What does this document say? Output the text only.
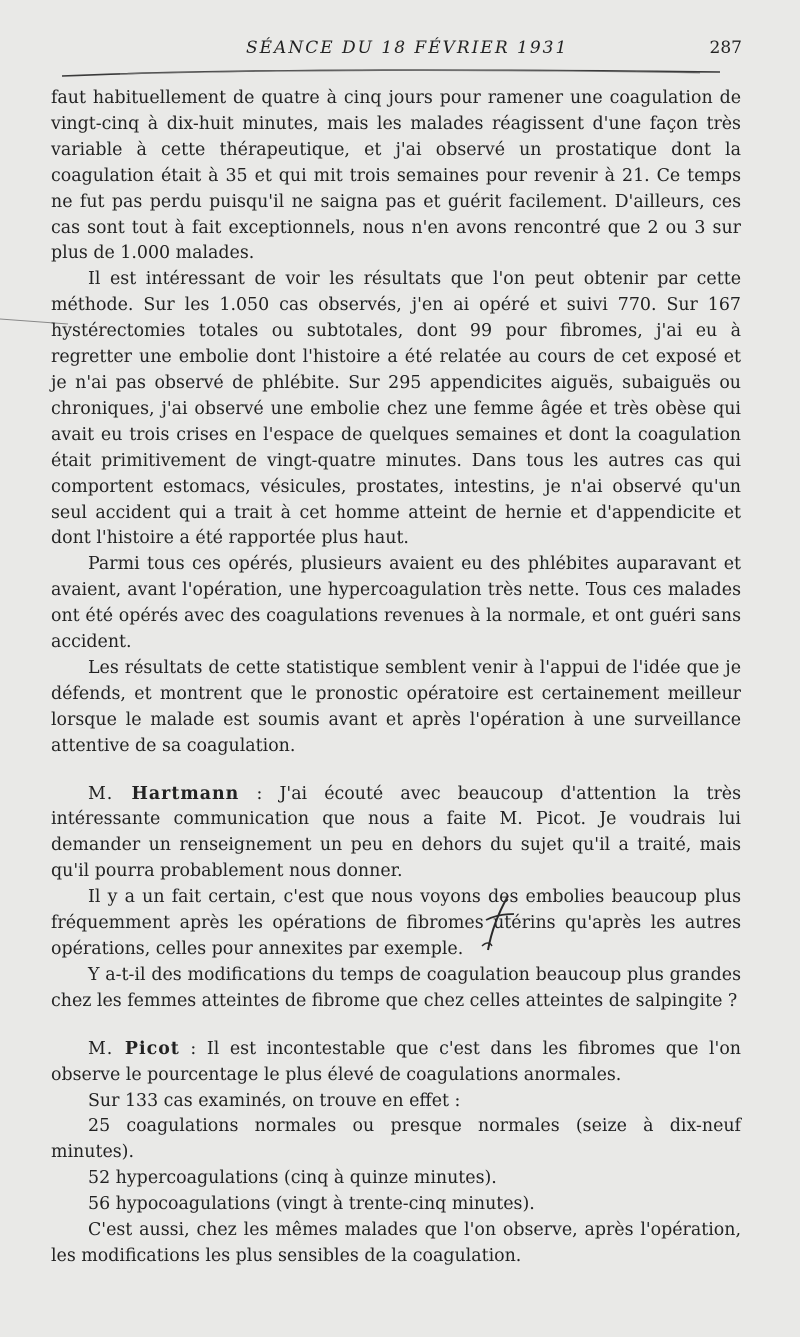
SÉANCE DU 18 FÉVRIER 1931	287

faut habituellement de quatre à cinq jours pour ramener une coagulation de vingt-cinq à dix-huit minutes, mais les malades réagissent d'une façon très variable à cette thérapeutique, et j'ai observé un prostatique dont la coagulation était à 35 et qui mit trois semaines pour revenir à 21. Ce temps ne fut pas perdu puisqu'il ne saigna pas et guérit facilement. D'ailleurs, ces cas sont tout à fait exceptionnels, nous n'en avons rencontré que 2 ou 3 sur plus de 1.000 malades.

Il est intéressant de voir les résultats que l'on peut obtenir par cette méthode. Sur les 1.050 cas observés, j'en ai opéré et suivi 770. Sur 167 hystérectomies totales ou subtotales, dont 99 pour fibromes, j'ai eu à regretter une embolie dont l'histoire a été relatée au cours de cet exposé et je n'ai pas observé de phlébite. Sur 295 appendicites aiguës, subaiguës ou chroniques, j'ai observé une embolie chez une femme âgée et très obèse qui avait eu trois crises en l'espace de quelques semaines et dont la coagulation était primitivement de vingt-quatre minutes. Dans tous les autres cas qui comportent estomacs, vésicules, prostates, intestins, je n'ai observé qu'un seul accident qui a trait à cet homme atteint de hernie et d'appendicite et dont l'histoire a été rapportée plus haut.

Parmi tous ces opérés, plusieurs avaient eu des phlébites auparavant et avaient, avant l'opération, une hypercoagulation très nette. Tous ces malades ont été opérés avec des coagulations revenues à la normale, et ont guéri sans accident.

Les résultats de cette statistique semblent venir à l'appui de l'idée que je défends, et montrent que le pronostic opératoire est certainement meilleur lorsque le malade est soumis avant et après l'opération à une surveillance attentive de sa coagulation.

M. Hartmann : J'ai écouté avec beaucoup d'attention la très intéressante communication que nous a faite M. Picot. Je voudrais lui demander un renseignement un peu en dehors du sujet qu'il a traité, mais qu'il pourra probablement nous donner.

Il y a un fait certain, c'est que nous voyons des embolies beaucoup plus fréquemment après les opérations de fibromes utérins qu'après les autres opérations, celles pour annexites par exemple.

Y a-t-il des modifications du temps de coagulation beaucoup plus grandes chez les femmes atteintes de fibrome que chez celles atteintes de salpingite ?

M. Picot : Il est incontestable que c'est dans les fibromes que l'on observe le pourcentage le plus élevé de coagulations anormales.

Sur 133 cas examinés, on trouve en effet :

25 coagulations normales ou presque normales (seize à dix-neuf minutes).

52 hypercoagulations (cinq à quinze minutes).

56 hypocoagulations (vingt à trente-cinq minutes).

C'est aussi, chez les mêmes malades que l'on observe, après l'opération, les modifications les plus sensibles de la coagulation.
